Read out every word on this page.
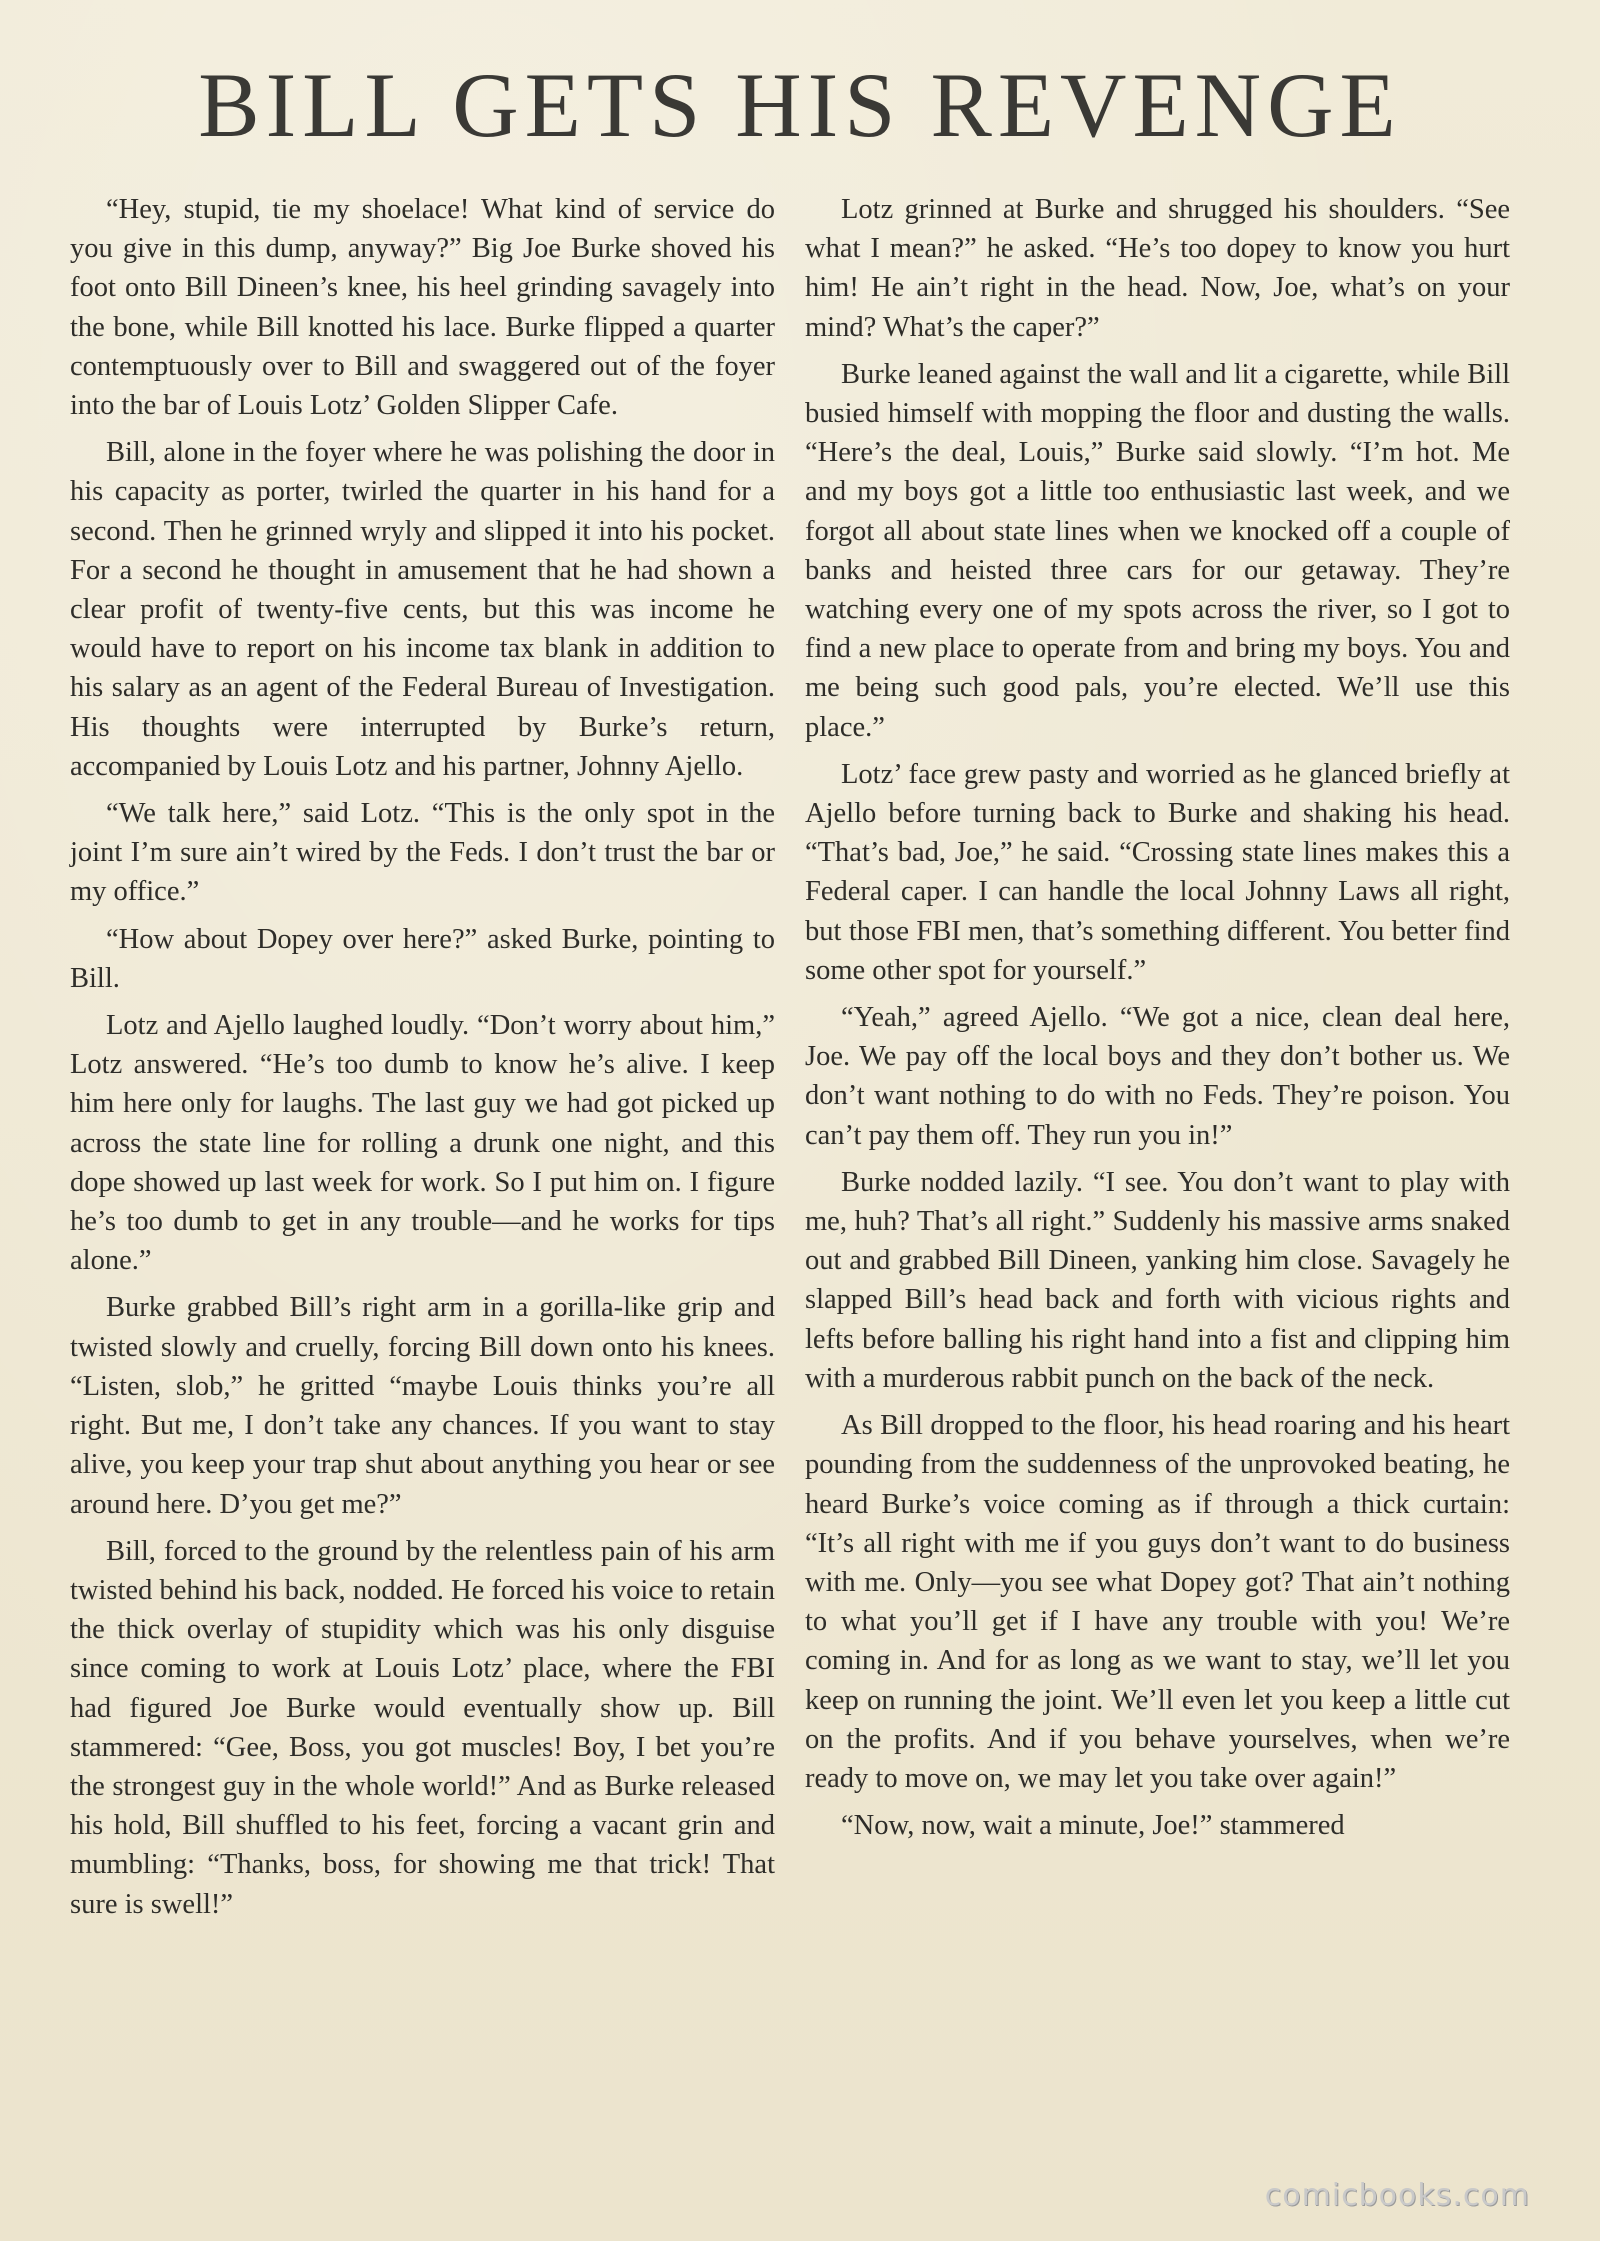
BILL GETS HIS REVENGE

“Hey, stupid, tie my shoelace! What kind of service do you give in this dump, anyway?” Big Joe Burke shoved his foot onto Bill Dineen’s knee, his heel grinding savagely into the bone, while Bill knotted his lace. Burke flipped a quarter contemptuously over to Bill and swaggered out of the foyer into the bar of Louis Lotz’ Golden Slipper Cafe.

Bill, alone in the foyer where he was polishing the door in his capacity as porter, twirled the quarter in his hand for a second. Then he grinned wryly and slipped it into his pocket. For a second he thought in amusement that he had shown a clear profit of twenty-five cents, but this was income he would have to report on his income tax blank in addition to his salary as an agent of the Federal Bureau of Investigation. His thoughts were interrupted by Burke’s return, accompanied by Louis Lotz and his partner, Johnny Ajello.

“We talk here,” said Lotz. “This is the only spot in the joint I’m sure ain’t wired by the Feds. I don’t trust the bar or my office.”

“How about Dopey over here?” asked Burke, pointing to Bill.

Lotz and Ajello laughed loudly. “Don’t worry about him,” Lotz answered. “He’s too dumb to know he’s alive. I keep him here only for laughs. The last guy we had got picked up across the state line for rolling a drunk one night, and this dope showed up last week for work. So I put him on. I figure he’s too dumb to get in any trouble—and he works for tips alone.”

Burke grabbed Bill’s right arm in a gorilla-like grip and twisted slowly and cruelly, forcing Bill down onto his knees. “Listen, slob,” he gritted “maybe Louis thinks you’re all right. But me, I don’t take any chances. If you want to stay alive, you keep your trap shut about anything you hear or see around here. D’you get me?”

Bill, forced to the ground by the relentless pain of his arm twisted behind his back, nodded. He forced his voice to retain the thick overlay of stupidity which was his only disguise since coming to work at Louis Lotz’ place, where the FBI had figured Joe Burke would eventually show up. Bill stammered: “Gee, Boss, you got muscles! Boy, I bet you’re the strongest guy in the whole world!” And as Burke released his hold, Bill shuffled to his feet, forcing a vacant grin and mumbling: “Thanks, boss, for showing me that trick! That sure is swell!”

Lotz grinned at Burke and shrugged his shoulders. “See what I mean?” he asked. “He’s too dopey to know you hurt him! He ain’t right in the head. Now, Joe, what’s on your mind? What’s the caper?”

Burke leaned against the wall and lit a cigarette, while Bill busied himself with mopping the floor and dusting the walls. “Here’s the deal, Louis,” Burke said slowly. “I’m hot. Me and my boys got a little too enthusiastic last week, and we forgot all about state lines when we knocked off a couple of banks and heisted three cars for our getaway. They’re watching every one of my spots across the river, so I got to find a new place to operate from and bring my boys. You and me being such good pals, you’re elected. We’ll use this place.”

Lotz’ face grew pasty and worried as he glanced briefly at Ajello before turning back to Burke and shaking his head. “That’s bad, Joe,” he said. “Crossing state lines makes this a Federal caper. I can handle the local Johnny Laws all right, but those FBI men, that’s something different. You better find some other spot for yourself.”

“Yeah,” agreed Ajello. “We got a nice, clean deal here, Joe. We pay off the local boys and they don’t bother us. We don’t want nothing to do with no Feds. They’re poison. You can’t pay them off. They run you in!”

Burke nodded lazily. “I see. You don’t want to play with me, huh? That’s all right.” Suddenly his massive arms snaked out and grabbed Bill Dineen, yanking him close. Savagely he slapped Bill’s head back and forth with vicious rights and lefts before balling his right hand into a fist and clipping him with a murderous rabbit punch on the back of the neck.

As Bill dropped to the floor, his head roaring and his heart pounding from the suddenness of the unprovoked beating, he heard Burke’s voice coming as if through a thick curtain: “It’s all right with me if you guys don’t want to do business with me. Only—you see what Dopey got? That ain’t nothing to what you’ll get if I have any trouble with you! We’re coming in. And for as long as we want to stay, we’ll let you keep on running the joint. We’ll even let you keep a little cut on the profits. And if you behave yourselves, when we’re ready to move on, we may let you take over again!”

“Now, now, wait a minute, Joe!” stammered

comicbooks.com
